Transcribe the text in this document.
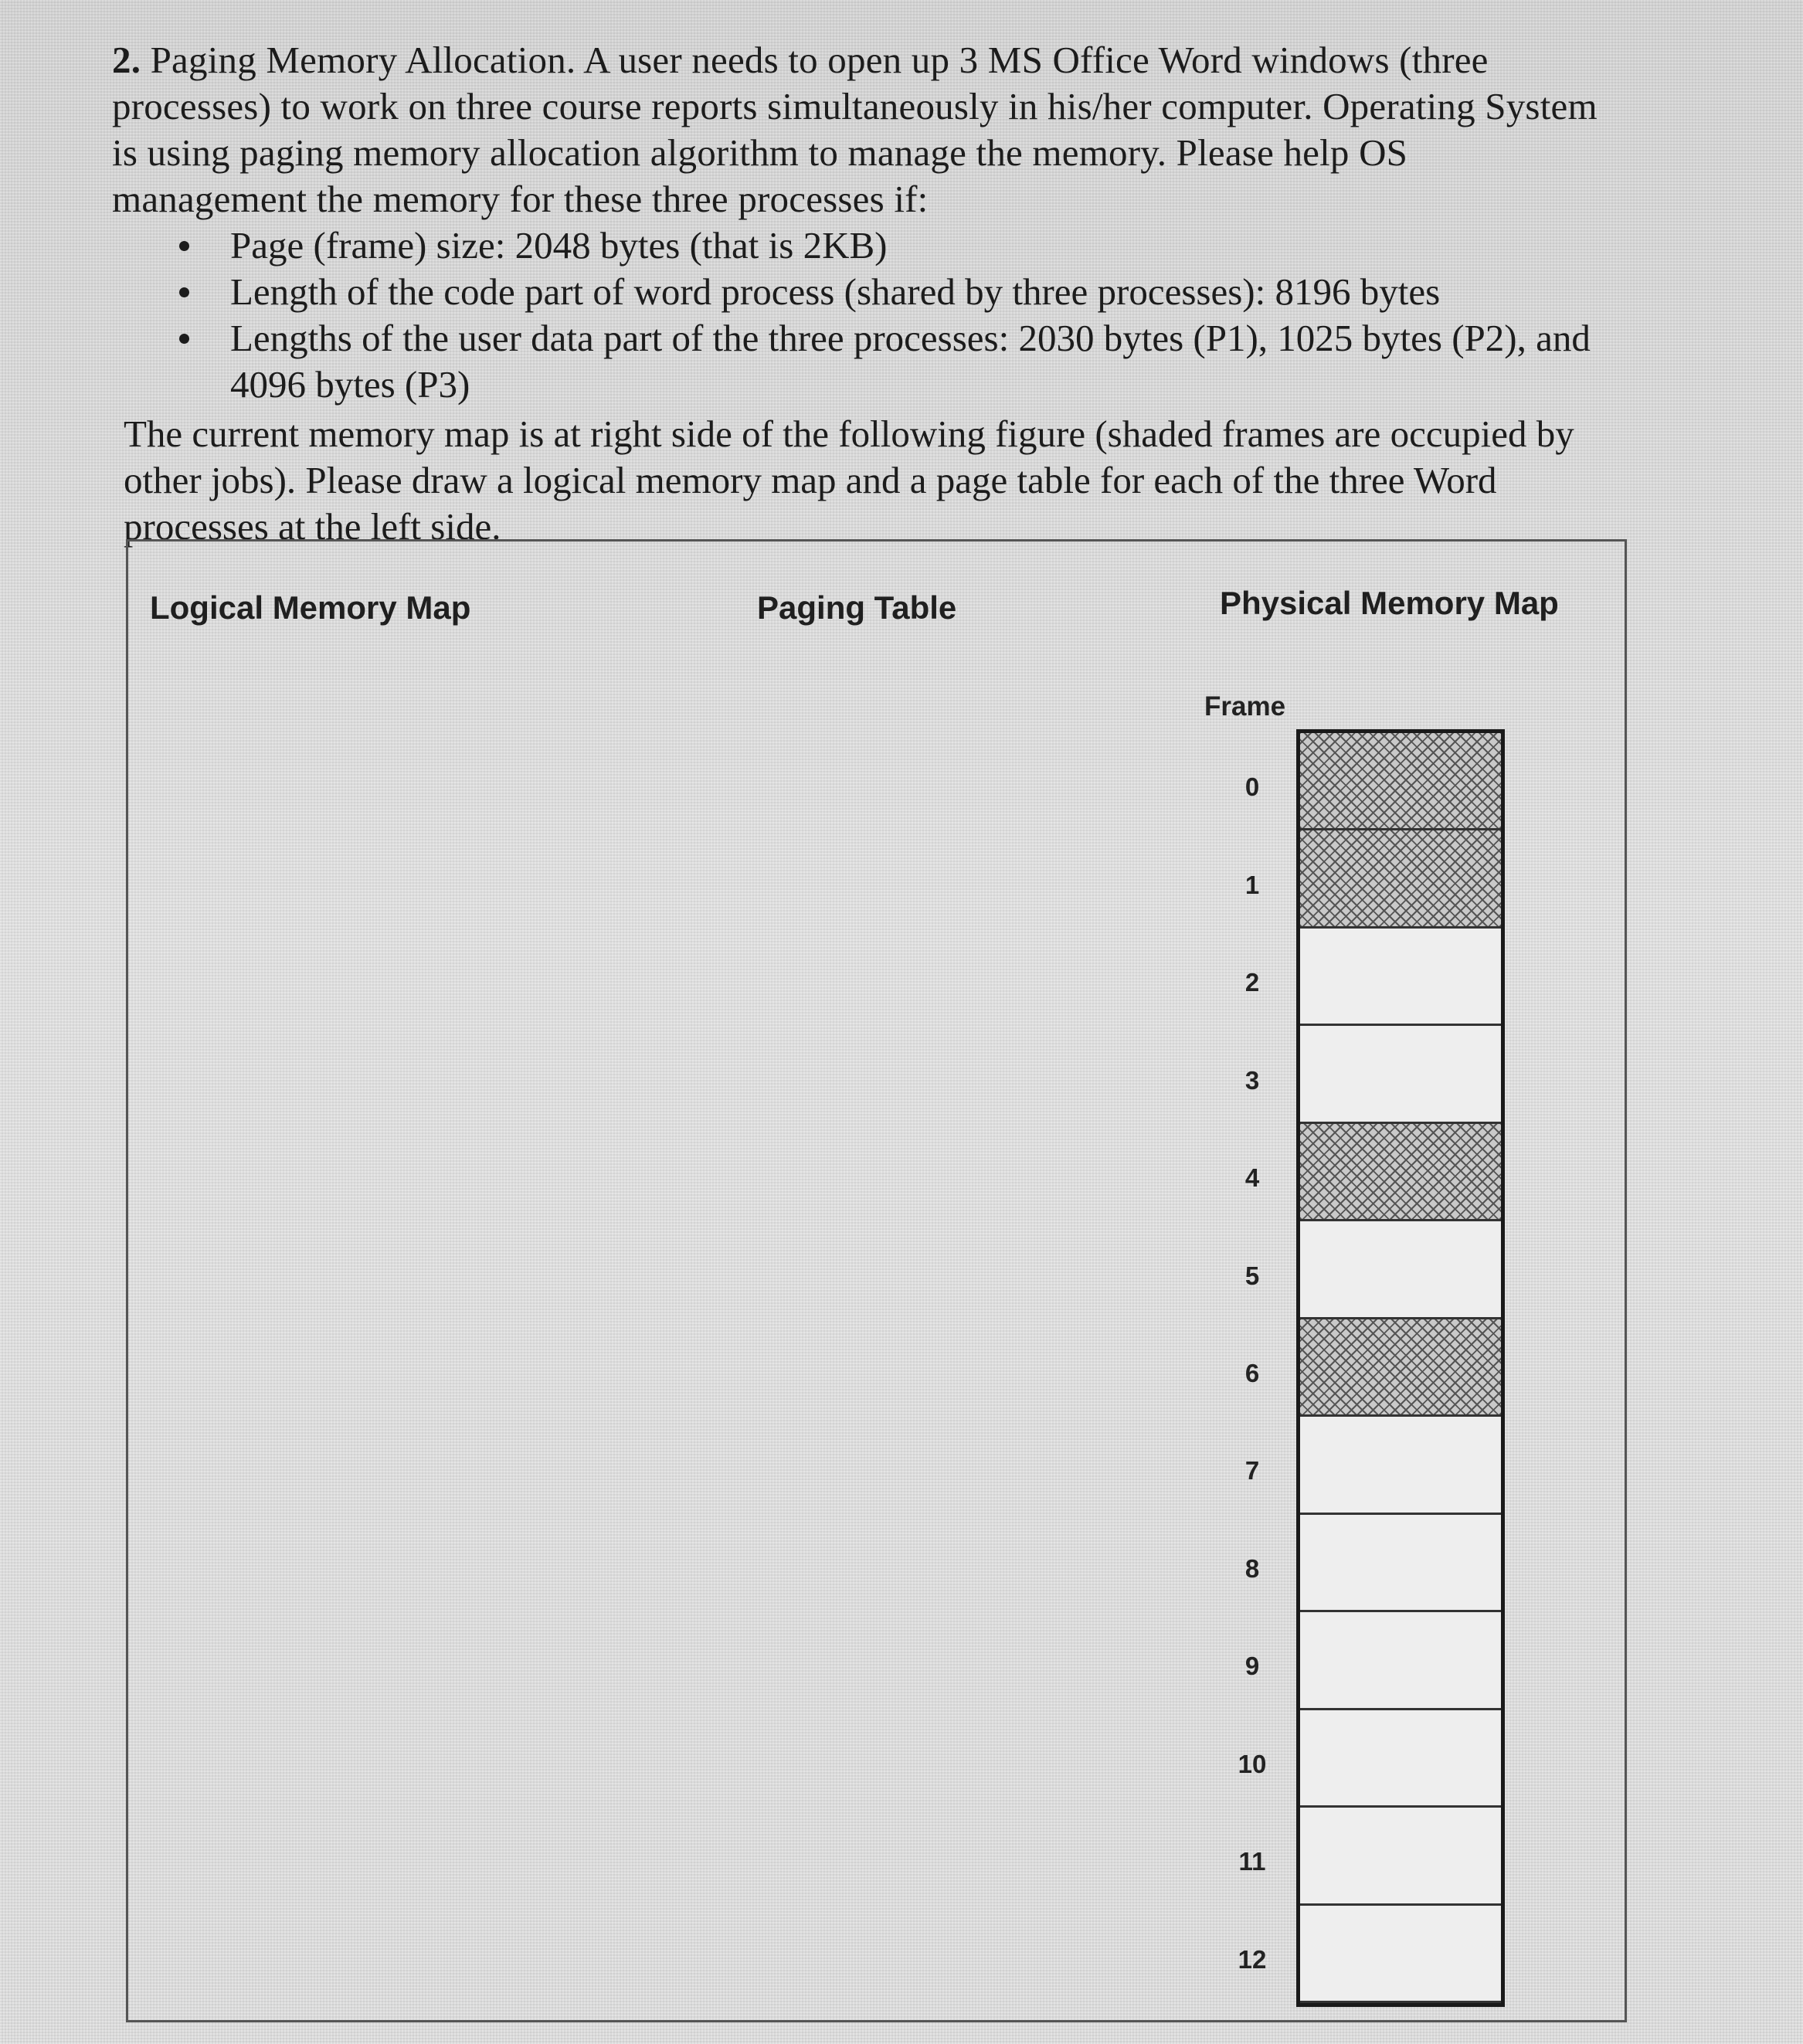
2. Paging Memory Allocation. A user needs to open up 3 MS Office Word windows (three
processes) to work on three course reports simultaneously in his/her computer. Operating System
is using paging memory allocation algorithm to manage the memory. Please help OS
management the memory for these three processes if:
Page (frame) size: 2048 bytes (that is 2KB)
Length of the code part of word process (shared by three processes): 8196 bytes
Lengths of the user data part of the three processes: 2030 bytes (P1), 1025 bytes (P2), and
4096 bytes (P3)
The current memory map is at right side of the following figure (shaded frames are occupied by
other jobs). Please draw a logical memory map and a page table for each of the three Word
processes at the left side.
Logical Memory Map	Paging Table	Physical Memory Map
Frame
0
1
2
3
4
5
6
7
8
9
10
11
12
